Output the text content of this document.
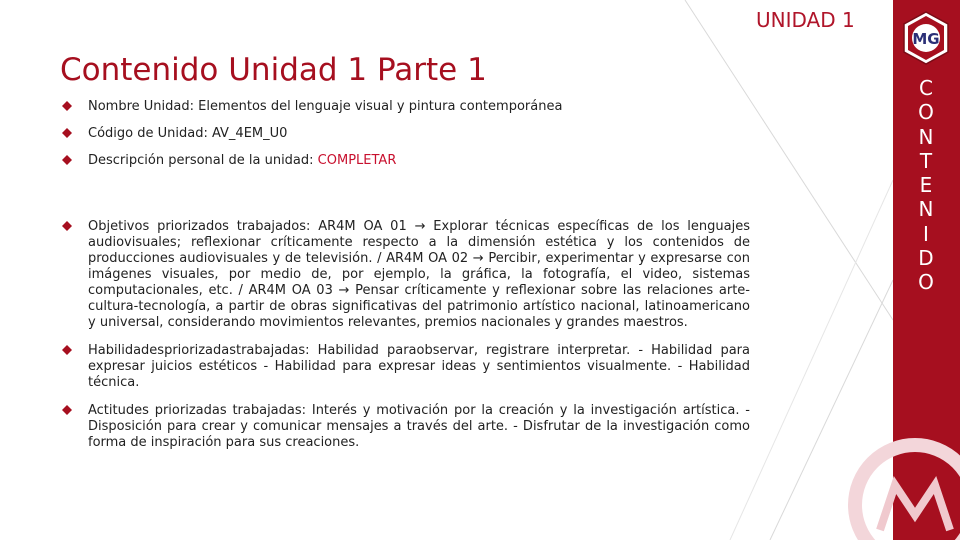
UNIDAD 1
MG
C
O
N
T
E
N
I
D
O
Contenido Unidad 1 Parte 1
Nombre Unidad: Elementos del lenguaje visual y pintura contemporánea
Código de Unidad: AV_4EM_U0
Descripción personal de la unidad: COMPLETAR
Objetivos priorizados trabajados: AR4M OA 01 → Explorar técnicas específicas de los lenguajes audiovisuales; reflexionar críticamente respecto a la dimensión estética y los contenidos de producciones audiovisuales y de televisión. / AR4M OA 02 → Percibir, experimentar y expresarse con imágenes visuales, por medio de, por ejemplo, la gráfica, la fotografía, el video, sistemas computacionales, etc. / AR4M OA 03 → Pensar críticamente y reflexionar sobre las relaciones arte-cultura-tecnología, a partir de obras significativas del patrimonio artístico nacional, latinoamericano y universal, considerando movimientos relevantes, premios nacionales y grandes maestros.
Habilidadespriorizadastrabajadas: Habilidad paraobservar, registrare interpretar. - Habilidad para expresar juicios estéticos - Habilidad para expresar ideas y sentimientos visualmente. - Habilidad técnica.
Actitudes priorizadas trabajadas: Interés y motivación por la creación y la investigación artística. - Disposición para crear y comunicar mensajes a través del arte. - Disfrutar de la investigación como forma de inspiración para sus creaciones.
